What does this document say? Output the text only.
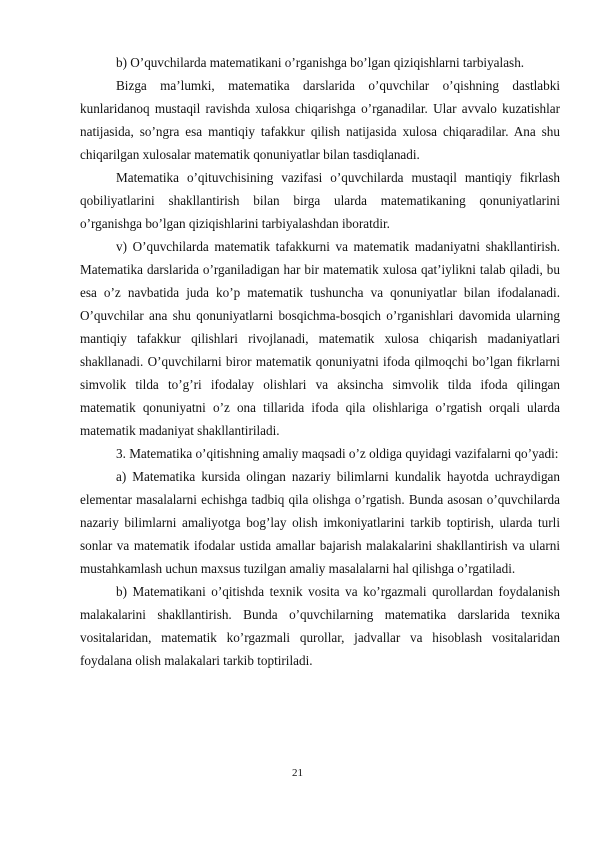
b) O’quvchilarda matematikani o’rganishga bo’lgan qiziqishlarni tarbiyalash.

Bizga ma’lumki, matematika darslarida o’quvchilar o’qishning dastlabki kunlaridanoq mustaqil ravishda xulosa chiqarishga o’rganadilar. Ular avvalo kuzatishlar natijasida, so’ngra esa mantiqiy tafakkur qilish natijasida xulosa chiqaradilar. Ana shu chiqarilgan xulosalar matematik qonuniyatlar bilan tasdiqlanadi.

Matematika o’qituvchisining vazifasi o’quvchilarda mustaqil mantiqiy fikrlash qobiliyatlarini shakllantirish bilan birga ularda matematikaning qonuniyatlarini o’rganishga bo’lgan qiziqishlarini tarbiyalashdan iboratdir.

v) O’quvchilarda matematik tafakkurni va matematik madaniyatni shakllantirish. Matematika darslarida o’rganiladigan har bir matematik xulosa qat’iylikni talab qiladi, bu esa o’z navbatida juda ko’p matematik tushuncha va qonuniyatlar bilan ifodalanadi. O’quvchilar ana shu qonuniyatlarni bosqichma-bosqich o’rganishlari davomida ularning mantiqiy tafakkur qilishlari rivojlanadi, matematik xulosa chiqarish madaniyatlari shakllanadi. O’quvchilarni biror matematik qonuniyatni ifoda qilmoqchi bo’lgan fikrlarni simvolik tilda to’g’ri ifodalay olishlari va aksincha simvolik tilda ifoda qilingan matematik qonuniyatni o’z ona tillarida ifoda qila olishlariga o’rgatish orqali ularda matematik madaniyat shakllantiriladi.

3. Matematika o’qitishning amaliy maqsadi o’z oldiga quyidagi vazifalarni qo’yadi:

a) Matematika kursida olingan nazariy bilimlarni kundalik hayotda uchraydigan elementar masalalarni echishga tadbiq qila olishga o’rgatish. Bunda asosan o’quvchilarda nazariy bilimlarni amaliyotga bog’lay olish imkoniyatlarini tarkib toptirish, ularda turli sonlar va matematik ifodalar ustida amallar bajarish malakalarini shakllantirish va ularni mustahkamlash uchun maxsus tuzilgan amaliy masalalarni hal qilishga o’rgatiladi.

b) Matematikani o’qitishda texnik vosita va ko’rgazmali qurollardan foydalanish malakalarini shakllantirish. Bunda o’quvchilarning matematika darslarida texnika vositalaridan, matematik ko’rgazmali qurollar, jadvallar va hisoblash vositalaridan foydalana olish malakalari tarkib toptiriladi.

21
